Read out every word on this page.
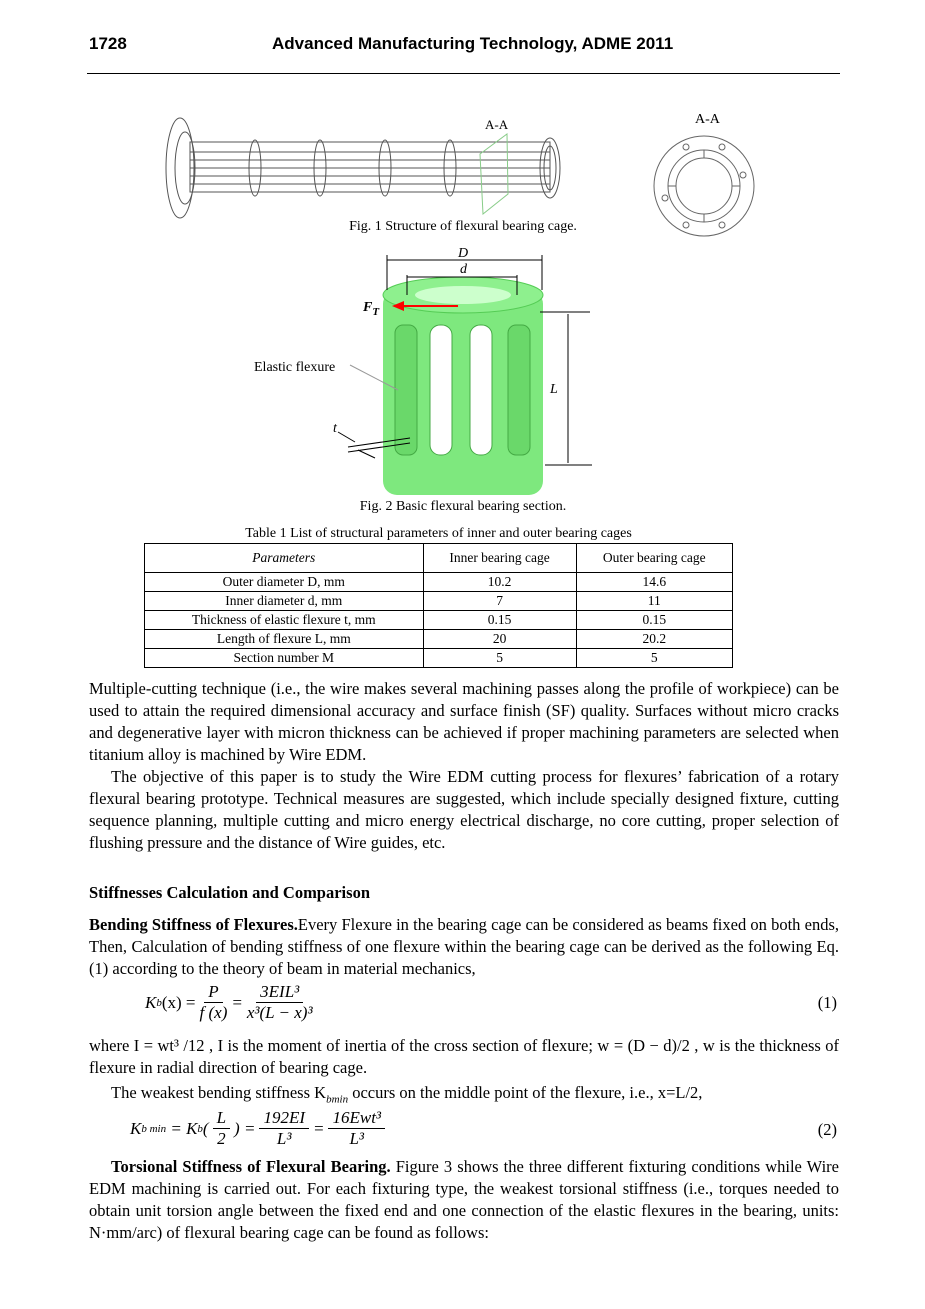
1728	Advanced Manufacturing Technology, ADME 2011
A-A	A-A
Fig. 1 Structure of flexural bearing cage.
D
d
$F_T$
Elastic flexure
L
t
Fig. 2 Basic flexural bearing section.
Table 1 List of structural parameters of inner and outer bearing cages
Parameters	Inner bearing cage	Outer bearing cage
Outer diameter D, mm	10.2	14.6
Inner diameter d, mm	7	11
Thickness of elastic flexure t, mm	0.15	0.15
Length of flexure L, mm	20	20.2
Section number M	5	5
Multiple-cutting technique (i.e., the wire makes several machining passes along the profile of workpiece) can be used to attain the required dimensional accuracy and surface finish (SF) quality. Surfaces without micro cracks and degenerative layer with micron thickness can be achieved if proper machining parameters are selected when titanium alloy is machined by Wire EDM.
The objective of this paper is to study the Wire EDM cutting process for flexures’ fabrication of a rotary flexural bearing prototype. Technical measures are suggested, which include specially designed fixture, cutting sequence planning, multiple cutting and micro energy electrical discharge, no core cutting, proper selection of flushing pressure and the distance of Wire guides, etc.
Stiffnesses Calculation and Comparison
Bending Stiffness of Flexures.Every Flexure in the bearing cage can be considered as beams fixed on both ends, Then, Calculation of bending stiffness of one flexure within the bearing cage can be derived as the following Eq. (1) according to the theory of beam in material mechanics,
K b $(x) = \frac{P}{f (x)} = \frac{\text{3EIL³}}{\text{x³(L − x)³}}$	(1)
where I = wt³ /12 , I is the moment of inertia of the cross section of flexure; w = (D − d)/2 , w is the thickness of flexure in radial direction of bearing cage.
The weakest bending stiffness $K_{bmin}$ occurs on the middle point of the flexure, i.e., x=L/2,
K b min
= K b ( $\frac{L}{2}$ ) = $\frac{192EI}{\text{L³}} = \frac{\text{16Ewt³}}{\text{L³}}$	(2)
Torsional Stiffness of Flexural Bearing. Figure 3 shows the three different fixturing conditions while Wire EDM machining is carried out. For each fixturing type, the weakest torsional stiffness (i.e., torques needed to obtain unit torsion angle between the fixed end and one connection of the elastic flexures in the bearing, units: N·mm/arc) of flexural bearing cage can be found as follows:
